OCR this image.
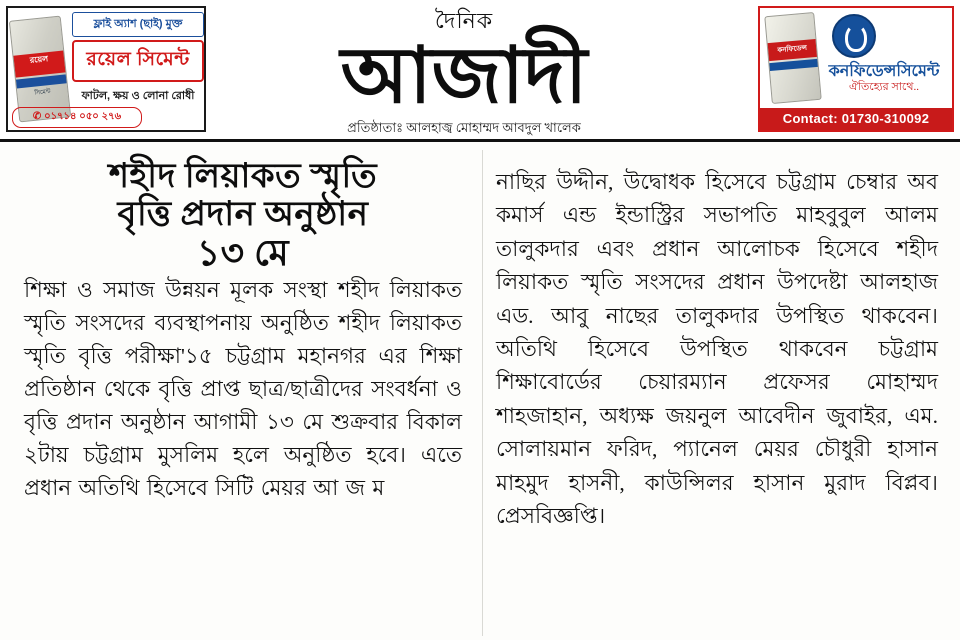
রয়েল
সিমেন্ট
ফ্লাই অ্যাশ (ছাই) মুক্ত
রয়েল সিমেন্ট
ফাটল, ক্ষয় ও লোনা রোধী
✆ ০১৭১৪ ০৫০ ২৭৬
দৈনিক
আজাদী
প্রতিষ্ঠাতাঃ আলহাজ্ব মোহাম্মদ আবদুল খালেক
কনফিডেন্স
কনফিডেন্সসিমেন্ট
ঐতিহ্যের সাথে..
Contact: 01730-310092
শহীদ লিয়াকত স্মৃতি
বৃত্তি প্রদান অনুষ্ঠান
১৩ মে
শিক্ষা ও সমাজ উন্নয়ন মূলক সংস্থা শহীদ লিয়াকত স্মৃতি সংসদের ব্যবস্থাপনায় অনুষ্ঠিত শহীদ লিয়াকত স্মৃতি বৃত্তি পরীক্ষা'১৫ চট্টগ্রাম মহানগর এর শিক্ষা প্রতিষ্ঠান থেকে বৃত্তি প্রাপ্ত ছাত্র/ছাত্রীদের সংবর্ধনা ও বৃত্তি প্রদান অনুষ্ঠান আগামী ১৩ মে শুক্রবার বিকাল ২টায় চট্টগ্রাম মুসলিম হলে অনুষ্ঠিত হবে। এতে প্রধান অতিথি হিসেবে সিটি মেয়র আ জ ম
নাছির উদ্দীন, উদ্বোধক হিসেবে চট্টগ্রাম চেম্বার অব কমার্স এন্ড ইন্ডাস্ট্রির সভাপতি মাহবুবুল আলম তালুকদার এবং প্রধান আলোচক হিসেবে শহীদ লিয়াকত স্মৃতি সংসদের প্রধান উপদেষ্টা আলহাজ এড. আবু নাছের তালুকদার উপস্থিত থাকবেন। অতিথি হিসেবে উপস্থিত থাকবেন চট্টগ্রাম শিক্ষাবোর্ডের চেয়ারম্যান প্রফেসর মোহাম্মদ শাহজাহান, অধ্যক্ষ জয়নুল আবেদীন জুবাইর, এম. সোলায়মান ফরিদ, প্যানেল মেয়র চৌধুরী হাসান মাহমুদ হাসনী, কাউন্সিলর হাসান মুরাদ বিপ্লব। প্রেসবিজ্ঞপ্তি।
